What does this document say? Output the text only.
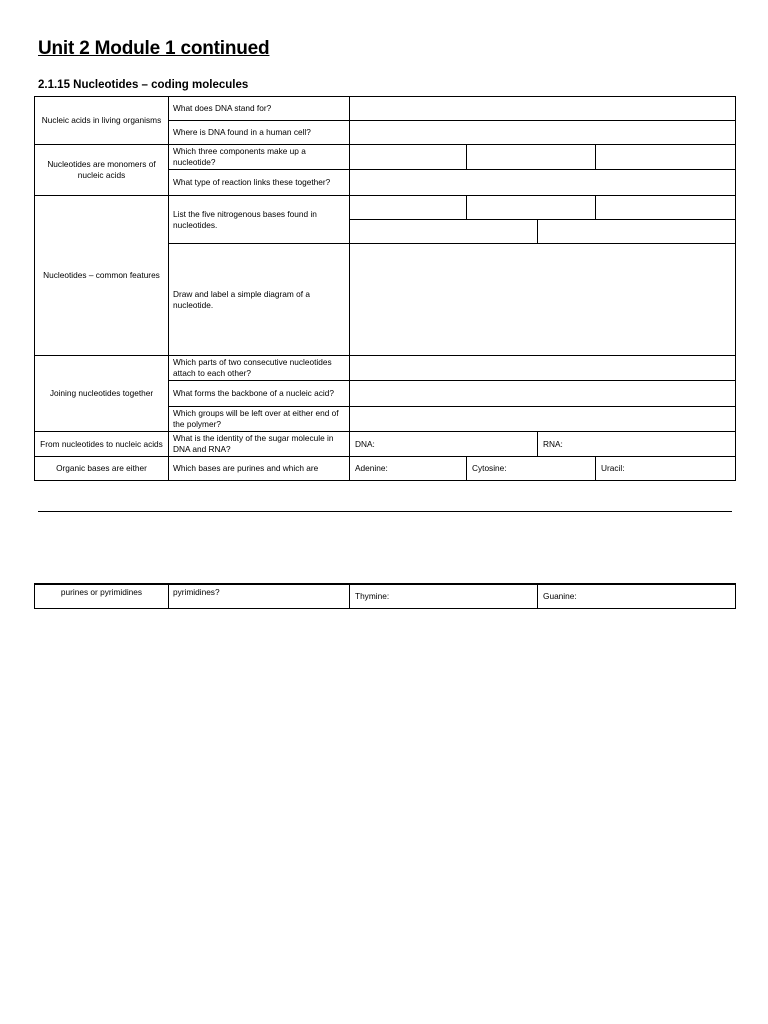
Unit 2 Module 1 continued
2.1.15 Nucleotides – coding molecules
Nucleic acids in living organisms	What does DNA stand for?				
	Where is DNA found in a human cell?				
Nucleotides are monomers of nucleic acids	Which three components make up a nucleotide?				
	What type of reaction links these together?				
Nucleotides – common features	List the five nitrogenous bases found in nucleotides.				

	Draw and label a simple diagram of a nucleotide.				
Joining nucleotides together	Which parts of two consecutive nucleotides attach to each other?				
	What forms the backbone of a nucleic acid?				
	Which groups will be left over at either end of the polymer?				
From nucleotides to nucleic acids	What is the identity of the sugar molecule in DNA and RNA?	DNA:		RNA:	
Organic bases are either	Which bases are purines and which are	Adenine:	Cytosine:		Uracil:
purines or pyrimidines	pyrimidines?	Thymine:	Guanine:
